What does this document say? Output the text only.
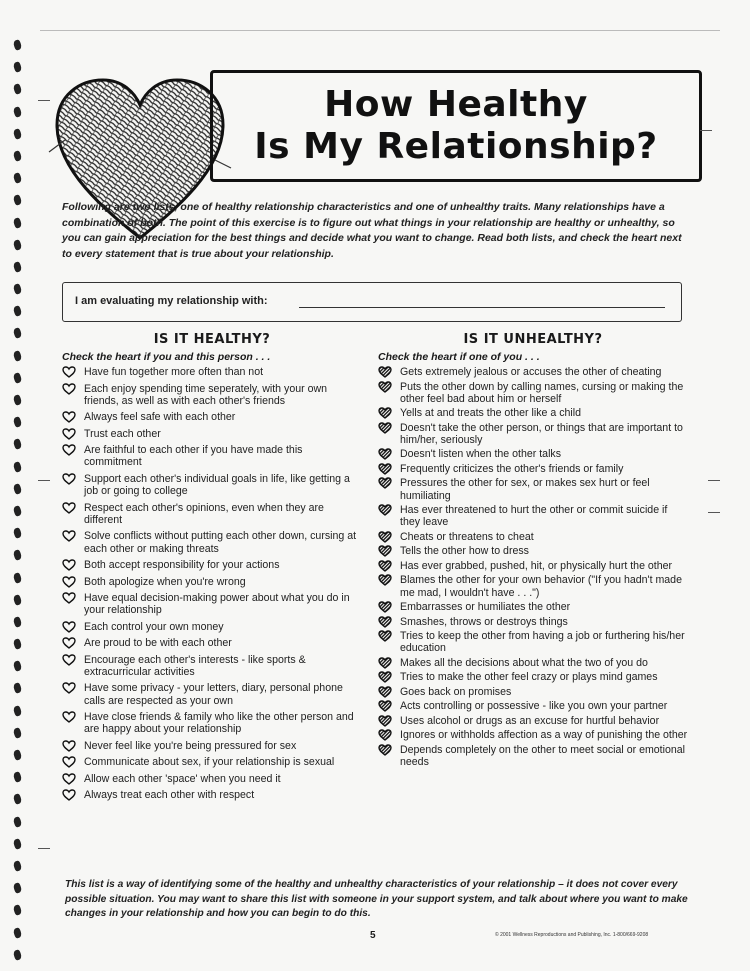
How Healthy
Is My Relationship?
Following are two lists, one of healthy relationship characteristics and one of unhealthy traits. Many relationships have a combination of both. The point of this exercise is to figure out what things in your relationship are healthy or unhealthy, so you can gain appreciation for the best things and decide what you want to change. Read both lists, and check the heart next to every statement that is true about your relationship.
I am evaluating my relationship with:
IS IT HEALTHY?
Check the heart if you and this person . . .
Have fun together more often than not
Each enjoy spending time seperately, with your own friends, as well as with each other's friends
Always feel safe with each other
Trust each other
Are faithful to each other if you have made this commitment
Support each other's individual goals in life, like getting a job or going to college
Respect each other's opinions, even when they are different
Solve conflicts without putting each other down, cursing at each other or making threats
Both accept responsibility for your actions
Both apologize when you're wrong
Have equal decision-making power about what you do in your relationship
Each control your own money
Are proud to be with each other
Encourage each other's interests - like sports & extracurricular activities
Have some privacy - your letters, diary, personal phone calls are respected as your own
Have close friends & family who like the other person and are happy about your relationship
Never feel like you're being pressured for sex
Communicate about sex, if your relationship is sexual
Allow each other 'space' when you need it
Always treat each other with respect
IS IT UNHEALTHY?
Check the heart if one of you . . .
Gets extremely jealous or accuses the other of cheating
Puts the other down by calling names, cursing or making the other feel bad about him or herself
Yells at and treats the other like a child
Doesn't take the other person, or things that are important to him/her, seriously
Doesn't listen when the other talks
Frequently criticizes the other's friends or family
Pressures the other for sex, or makes sex hurt or feel humiliating
Has ever threatened to hurt the other or commit suicide if they leave
Cheats or threatens to cheat
Tells the other how to dress
Has ever grabbed, pushed, hit, or physically hurt the other
Blames the other for your own behavior ("If you hadn't made me mad, I wouldn't have . . .")
Embarrasses or humiliates the other
Smashes, throws or destroys things
Tries to keep the other from having a job or furthering his/her education
Makes all the decisions about what the two of you do
Tries to make the other feel crazy or plays mind games
Goes back on promises
Acts controlling or possessive - like you own your partner
Uses alcohol or drugs as an excuse for hurtful behavior
Ignores or withholds affection as a way of punishing the other
Depends completely on the other to meet social or emotional needs
This list is a way of identifying some of the healthy and unhealthy characteristics of your relationship – it does not cover every possible situation. You may want to share this list with someone in your support system, and talk about where you want to make changes in your relationship and how you can begin to do this.
5	© 2001 Wellness Reproductions and Publishing, Inc. 1-800/669-9208
